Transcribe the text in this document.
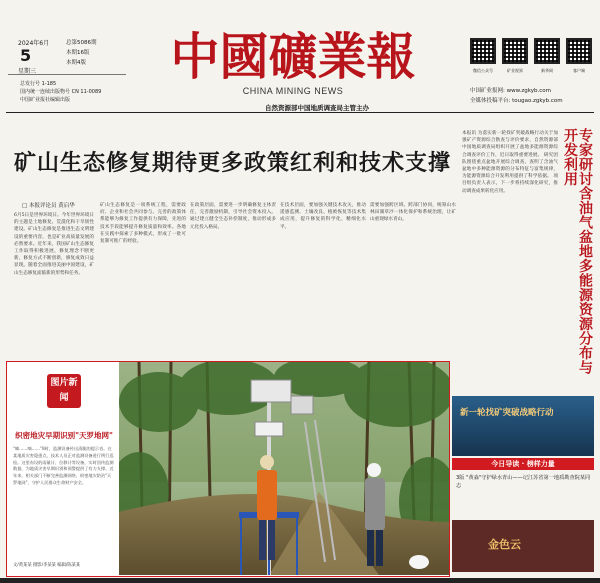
2024年6月
5
星期三
总第5086期
本期16版
本期4版
总发行号 1-185
国内统一连续出版物号 CN 11-0089
中国矿业报社编辑出版
中國礦業報
CHINA MINING NEWS
自然资源部中国地质调查局主管主办
微信公众号	矿业视界	新华网	客户端
中国矿业报网: www.zgkyb.com
全媒体投稿平台: tougao.zgkyb.com
矿山生态修复期待更多政策红利和技术支撑
□ 本报评论员 黄启华
6月5日是世界环境日。今年世界环境日的主题是土地修复、荒漠化和干旱韧性建设。矿山生态修复是推进生态文明建设的重要内容，也是矿业高质量发展的必然要求。近年来，我国矿山生态修复工作取得积极进展，修复理念不断更新，修复方式不断创新，修复成效日益显现。随着全面推进美丽中国建设，矿山生态修复面临新的形势和任务。
矿山生态修复是一项系统工程，需要政府、企业和社会共同参与。完善的政策体系能够为修复工作提供有力保障，先进的技术手段能够提升修复质量和效率。各地在实践中探索了多种模式，形成了一批可复制可推广的经验。
在政策层面，需要进一步明确修复主体责任，完善激励机制，引导社会资本投入。通过建立健全生态补偿制度，推动形成多元化投入格局。
在技术层面，要加强关键技术攻关，推动遥感监测、土壤改良、植被恢复等技术集成应用，提升修复的科学化、精细化水平。
需要加强跨区域、跨部门协同，统筹山水林田湖草沙一体化保护和系统治理，让矿山重现绿水青山。
本报讯 为落实新一轮找矿突破战略行动关于加强矿产资源综合勘查与评价要求，自然资源部中国地质调查局组织开展了盆地多能源资源综合调查评价工作，近日取得重要进展。 研究团队围绕重点盆地开展综合调查，查明了含油气盆地中多种能源资源的分布特征与富集规律，为能源资源综合开发利用提供了科学依据。 项目组负责人表示，下一步将持续深化研究，推动调查成果转化应用。	专家研讨含油气盆地多能源资源分布与开发利用
图片新闻
织密地灾早期识别"天罗地网"
"嘀……嘀……"8时，监测设备传出清脆的提示音。在某地质灾害隐患点，技术人员正对监测设备进行例行巡检。这里布设的雨量计、位移计等设备，实时回传监测数据，为地质灾害早期识别和预警提供了有力支撑。近年来，相关部门不断完善监测网络，织密地灾防治"天罗地网"，守护人民群众生命财产安全。
文/黄某某 摄影/李某某 编辑/陈某某
新一轮找矿突破战略行动
今日导读 · 榜样力量
3版 "黄淼"守护绿水青山——记江苏省第一地质勘查院某同志
金色云
